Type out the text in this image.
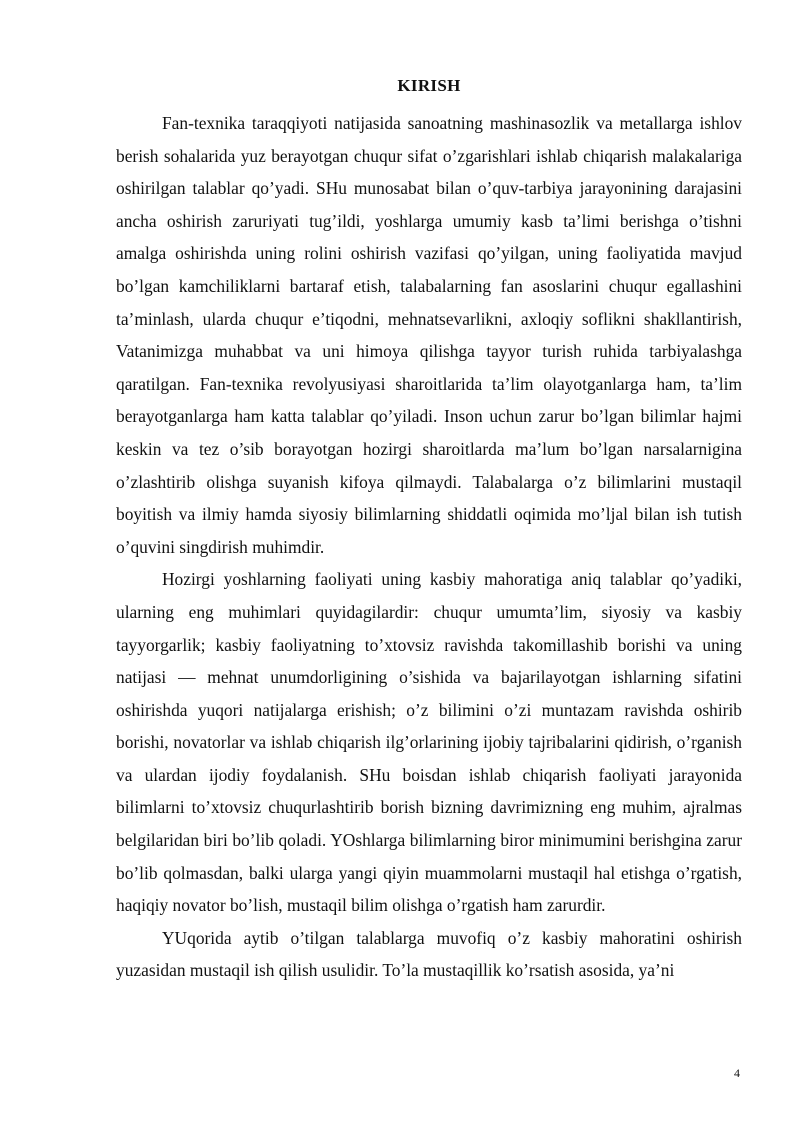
KIRISH

Fan-texnika taraqqiyoti natijasida sanoatning mashinasozlik va metallarga ishlov berish sohalarida yuz berayotgan chuqur sifat o’zgarishlari ishlab chiqarish malakalariga oshirilgan talablar qo’yadi. SHu munosabat bilan o’quv-tarbiya jarayonining darajasini ancha oshirish zaruriyati tug’ildi, yoshlarga umumiy kasb ta’limi berishga o’tishni amalga oshirishda uning rolini oshirish vazifasi qo’yilgan, uning faoliyatida mavjud bo’lgan kamchiliklarni bartaraf etish, talabalarning fan asoslarini chuqur egallashini ta’minlash, ularda chuqur e’tiqodni, mehnatsevarlikni, axloqiy soflikni shakllantirish, Vatanimizga muhabbat va uni himoya qilishga tayyor turish ruhida tarbiyalashga qaratilgan. Fan-texnika revolyusiyasi sharoitlarida ta’lim olayotganlarga ham, ta’lim berayotganlarga ham katta talablar qo’yiladi. Inson uchun zarur bo’lgan bilimlar hajmi keskin va tez o’sib borayotgan hozirgi sharoitlarda ma’lum bo’lgan narsalarnigina o’zlashtirib olishga suyanish kifoya qilmaydi. Talabalarga o’z bilimlarini mustaqil boyitish va ilmiy hamda siyosiy bilimlarning shiddatli oqimida mo’ljal bilan ish tutish o’quvini singdirish muhimdir.

Hozirgi yoshlarning faoliyati uning kasbiy mahoratiga aniq talablar qo’yadiki, ularning eng muhimlari quyidagilardir: chuqur umumta’lim, siyosiy va kasbiy tayyorgarlik; kasbiy faoliyatning to’xtovsiz ravishda takomillashib borishi va uning natijasi — mehnat unumdorligining o’sishida va bajarilayotgan ishlarning sifatini oshirishda yuqori natijalarga erishish; o’z bilimini o’zi muntazam ravishda oshirib borishi, novatorlar va ishlab chiqarish ilg’orlarining ijobiy tajribalarini qidirish, o’rganish va ulardan ijodiy foydalanish. SHu boisdan ishlab chiqarish faoliyati jarayonida bilimlarni to’xtovsiz chuqurlashtirib borish bizning davrimizning eng muhim, ajralmas belgilaridan biri bo’lib qoladi. YOshlarga bilimlarning biror minimumini berishgina zarur bo’lib qolmasdan, balki ularga yangi qiyin muammolarni mustaqil hal etishga o’rgatish, haqiqiy novator bo’lish, mustaqil bilim olishga o’rgatish ham zarurdir.

YUqorida aytib o’tilgan talablarga muvofiq o’z kasbiy mahoratini oshirish yuzasidan mustaqil ish qilish usulidir. To’la mustaqillik ko’rsatish asosida, ya’ni

4
